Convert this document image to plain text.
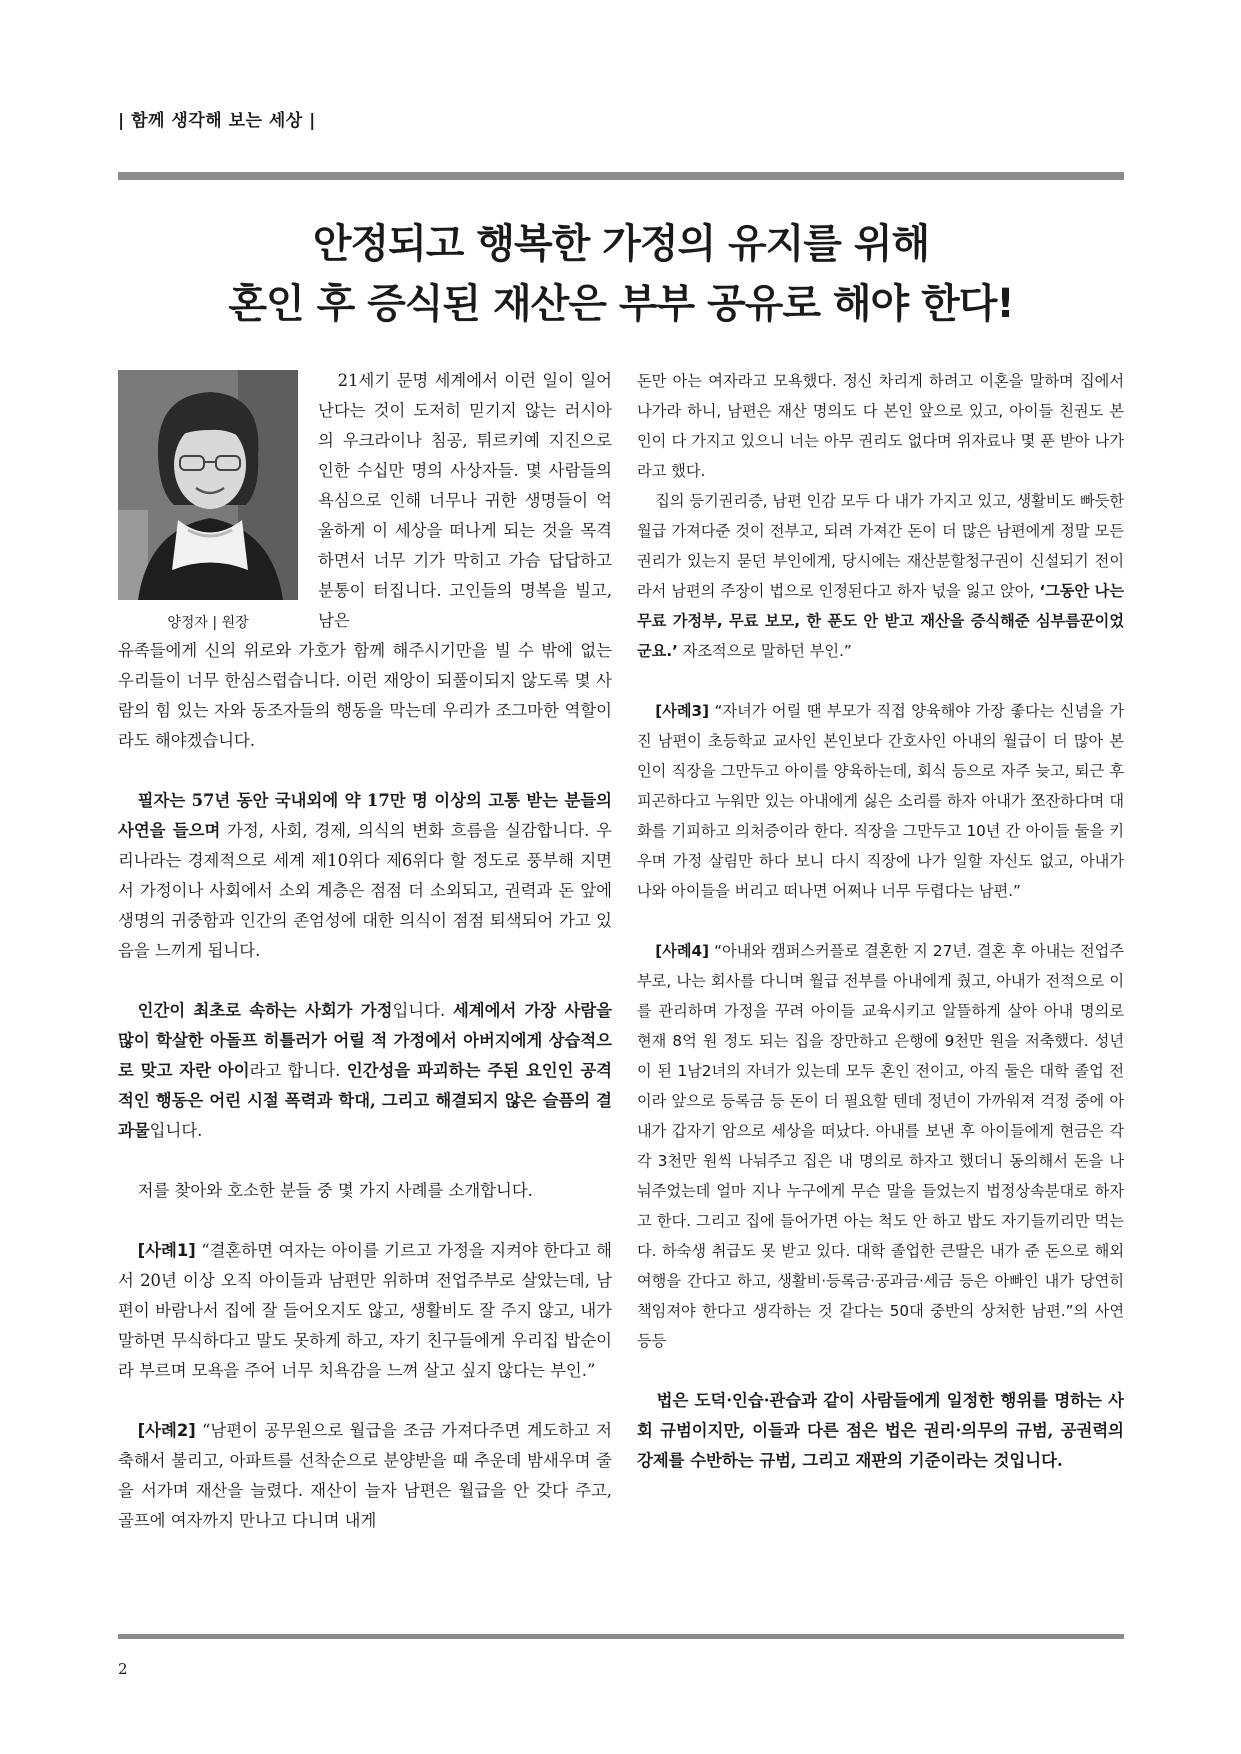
| 함께 생각해 보는 세상 |
안정되고 행복한 가정의 유지를 위해
혼인 후 증식된 재산은 부부 공유로 해야 한다!
양정자 | 원장

21세기 문명 세계에서 이런 일이 일어난다는 것이 도저히 믿기지 않는 러시아의 우크라이나 침공, 튀르키예 지진으로 인한 수십만 명의 사상자들. 몇 사람들의 욕심으로 인해 너무나 귀한 생명들이 억울하게 이 세상을 떠나게 되는 것을 목격하면서 너무 기가 막히고 가슴 답답하고 분통이 터집니다. 고인들의 명복을 빌고, 남은

유족들에게 신의 위로와 가호가 함께 해주시기만을 빌 수 밖에 없는 우리들이 너무 한심스럽습니다. 이런 재앙이 되풀이되지 않도록 몇 사람의 힘 있는 자와 동조자들의 행동을 막는데 우리가 조그마한 역할이라도 해야겠습니다.

필자는 57년 동안 국내외에 약 17만 명 이상의 고통 받는 분들의 사연을 들으며 가정, 사회, 경제, 의식의 변화 흐름을 실감합니다. 우리나라는 경제적으로 세계 제10위다 제6위다 할 정도로 풍부해 지면서 가정이나 사회에서 소외 계층은 점점 더 소외되고, 권력과 돈 앞에 생명의 귀중함과 인간의 존엄성에 대한 의식이 점점 퇴색되어 가고 있음을 느끼게 됩니다.

인간이 최초로 속하는 사회가 가정입니다. 세계에서 가장 사람을 많이 학살한 아돌프 히틀러가 어릴 적 가정에서 아버지에게 상습적으로 맞고 자란 아이라고 합니다. 인간성을 파괴하는 주된 요인인 공격적인 행동은 어린 시절 폭력과 학대, 그리고 해결되지 않은 슬픔의 결과물입니다.

저를 찾아와 호소한 분들 중 몇 가지 사례를 소개합니다.

[사례1] “결혼하면 여자는 아이를 기르고 가정을 지켜야 한다고 해서 20년 이상 오직 아이들과 남편만 위하며 전업주부로 살았는데, 남편이 바람나서 집에 잘 들어오지도 않고, 생활비도 잘 주지 않고, 내가 말하면 무식하다고 말도 못하게 하고, 자기 친구들에게 우리집 밥순이라 부르며 모욕을 주어 너무 치욕감을 느껴 살고 싶지 않다는 부인.”

[사례2] “남편이 공무원으로 월급을 조금 가져다주면 계도하고 저축해서 불리고, 아파트를 선착순으로 분양받을 때 추운데 밤새우며 줄을 서가며 재산을 늘렸다. 재산이 늘자 남편은 월급을 안 갖다 주고, 골프에 여자까지 만나고 다니며 내게

돈만 아는 여자라고 모욕했다. 정신 차리게 하려고 이혼을 말하며 집에서 나가라 하니, 남편은 재산 명의도 다 본인 앞으로 있고, 아이들 친권도 본인이 다 가지고 있으니 너는 아무 권리도 없다며 위자료나 몇 푼 받아 나가라고 했다.

집의 등기권리증, 남편 인감 모두 다 내가 가지고 있고, 생활비도 빠듯한 월급 가져다준 것이 전부고, 되려 가져간 돈이 더 많은 남편에게 정말 모든 권리가 있는지 묻던 부인에게, 당시에는 재산분할청구권이 신설되기 전이라서 남편의 주장이 법으로 인정된다고 하자 넋을 잃고 앉아, ‘그동안 나는 무료 가정부, 무료 보모, 한 푼도 안 받고 재산을 증식해준 심부름꾼이었군요.’ 자조적으로 말하던 부인.”

[사례3] “자녀가 어릴 땐 부모가 직접 양육해야 가장 좋다는 신념을 가진 남편이 초등학교 교사인 본인보다 간호사인 아내의 월급이 더 많아 본인이 직장을 그만두고 아이를 양육하는데, 회식 등으로 자주 늦고, 퇴근 후 피곤하다고 누워만 있는 아내에게 싫은 소리를 하자 아내가 쪼잔하다며 대화를 기피하고 의처증이라 한다. 직장을 그만두고 10년 간 아이들 둘을 키우며 가정 살림만 하다 보니 다시 직장에 나가 일할 자신도 없고, 아내가 나와 아이들을 버리고 떠나면 어쩌나 너무 두렵다는 남편.”

[사례4] “아내와 캠퍼스커플로 결혼한 지 27년. 결혼 후 아내는 전업주부로, 나는 회사를 다니며 월급 전부를 아내에게 줬고, 아내가 전적으로 이를 관리하며 가정을 꾸려 아이들 교육시키고 알뜰하게 살아 아내 명의로 현재 8억 원 정도 되는 집을 장만하고 은행에 9천만 원을 저축했다. 성년이 된 1남2녀의 자녀가 있는데 모두 혼인 전이고, 아직 둘은 대학 졸업 전이라 앞으로 등록금 등 돈이 더 필요할 텐데 정년이 가까워져 걱정 중에 아내가 갑자기 암으로 세상을 떠났다. 아내를 보낸 후 아이들에게 현금은 각각 3천만 원씩 나눠주고 집은 내 명의로 하자고 했더니 동의해서 돈을 나눠주었는데 얼마 지나 누구에게 무슨 말을 들었는지 법정상속분대로 하자고 한다. 그리고 집에 들어가면 아는 척도 안 하고 밥도 자기들끼리만 먹는다. 하숙생 취급도 못 받고 있다. 대학 졸업한 큰딸은 내가 준 돈으로 해외여행을 간다고 하고, 생활비·등록금·공과금·세금 등은 아빠인 내가 당연히 책임져야 한다고 생각하는 것 같다는 50대 중반의 상처한 남편.”의 사연 등등

법은 도덕·인습·관습과 같이 사람들에게 일정한 행위를 명하는 사회 규범이지만, 이들과 다른 점은 법은 권리·의무의 규범, 공권력의 강제를 수반하는 규범, 그리고 재판의 기준이라는 것입니다.

2
